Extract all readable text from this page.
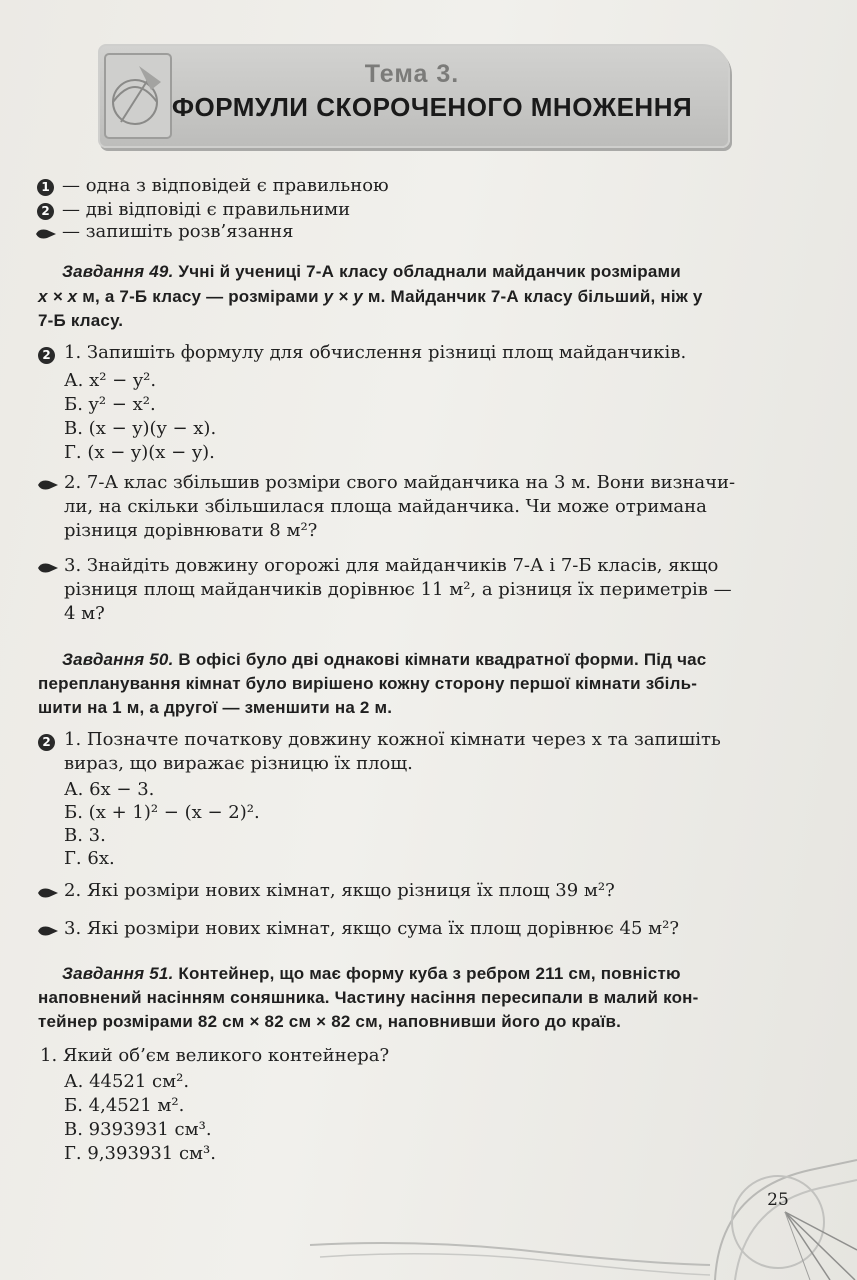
Тема 3.
ФОРМУЛИ СКОРОЧЕНОГО МНОЖЕННЯ
1 — одна з відповідей є правильною
2 — дві відповіді є правильними
— запишіть розв’язання
Завдання 49. Учні й учениці 7-А класу обладнали майданчик розмірами
x × x м, а 7-Б класу — розмірами y × y м. Майданчик 7-А класу більший, ніж у
7-Б класу.
2 1. Запишіть формулу для обчислення різниці площ майданчиків.
А. x² − y².
Б. y² − x².
В. (x − y)(y − x).
Г. (x − y)(x − y).
2. 7-А клас збільшив розміри свого майданчика на 3 м. Вони визначи-
ли, на скільки збільшилася площа майданчика. Чи може отримана
різниця дорівнювати 8 м²?
3. Знайдіть довжину огорожі для майданчиків 7-А і 7-Б класів, якщо
різниця площ майданчиків дорівнює 11 м², а різниця їх периметрів —
4 м?
Завдання 50. В офісі було дві однакові кімнати квадратної форми. Під час
перепланування кімнат було вирішено кожну сторону першої кімнати збіль-
шити на 1 м, а другої — зменшити на 2 м.
2 1. Позначте початкову довжину кожної кімнати через x та запишіть
вираз, що виражає різницю їх площ.
А. 6x − 3.
Б. (x + 1)² − (x − 2)².
В. 3.
Г. 6x.
2. Які розміри нових кімнат, якщо різниця їх площ 39 м²?
3. Які розміри нових кімнат, якщо сума їх площ дорівнює 45 м²?
Завдання 51. Контейнер, що має форму куба з ребром 211 см, повністю
наповнений насінням соняшника. Частину насіння пересипали в малий кон-
тейнер розмірами 82 см × 82 см × 82 см, наповнивши його до країв.
1. Який об’єм великого контейнера?
А. 44521 см².
Б. 4,4521 м².
В. 9393931 см³.
Г. 9,393931 см³.
25
